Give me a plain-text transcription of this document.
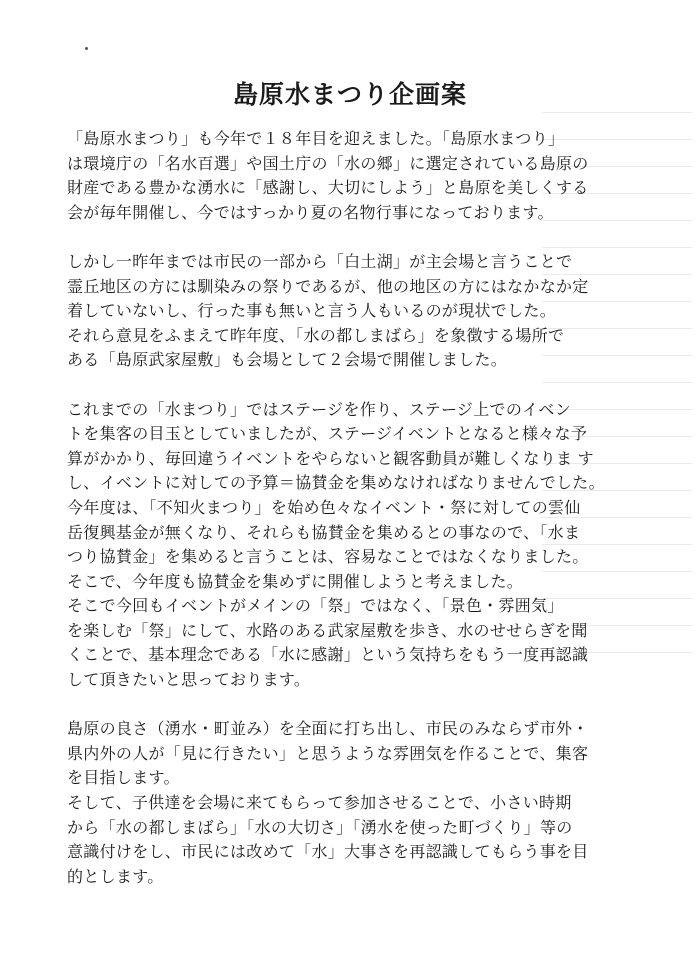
島原水まつり企画案

「島原水まつり」も今年で１８年目を迎えました。「島原水まつり」
は環境庁の「名水百選」や国土庁の「水の郷」に選定されている島原の
財産である豊かな湧水に「感謝し、大切にしよう」と島原を美しくする
会が毎年開催し、今ではすっかり夏の名物行事になっております。

しかし一昨年までは市民の一部から「白土湖」が主会場と言うことで
霊丘地区の方には馴染みの祭りであるが、他の地区の方にはなかなか定
着していないし、行った事も無いと言う人もいるのが現状でした。

それら意見をふまえて昨年度、「水の都しまばら」を象徴する場所で
ある「島原武家屋敷」も会場として２会場で開催しました。

これまでの「水まつり」ではステージを作り、ステージ上でのイベン
トを集客の目玉としていましたが、ステージイベントとなると様々な予
算がかかり、毎回違うイベントをやらないと観客動員が難しくなりま す
し、イベントに対しての予算＝協賛金を集めなければなりませんでした。
今年度は、「不知火まつり」を始め色々なイベント・祭に対しての雲仙
岳復興基金が無くなり、それらも協賛金を集めるとの事なので、「水ま
つり協賛金」を集めると言うことは、容易なことではなくなりました。
そこで、今年度も協賛金を集めずに開催しようと考えました。

そこで今回もイベントがメインの「祭」ではなく、「景色・雰囲気」
を楽しむ「祭」にして、水路のある武家屋敷を歩き、水のせせらぎを聞
くことで、基本理念である「水に感謝」という気持ちをもう一度再認識
して頂きたいと思っております。

島原の良さ（湧水・町並み）を全面に打ち出し、市民のみならず市外・
県内外の人が「見に行きたい」と思うような雰囲気を作ることで、集客
を目指します。

そして、子供達を会場に来てもらって参加させることで、小さい時期
から「水の都しまばら」「水の大切さ」「湧水を使った町づくり」等の
意識付けをし、市民には改めて「水」大事さを再認識してもらう事を目
的とします。
